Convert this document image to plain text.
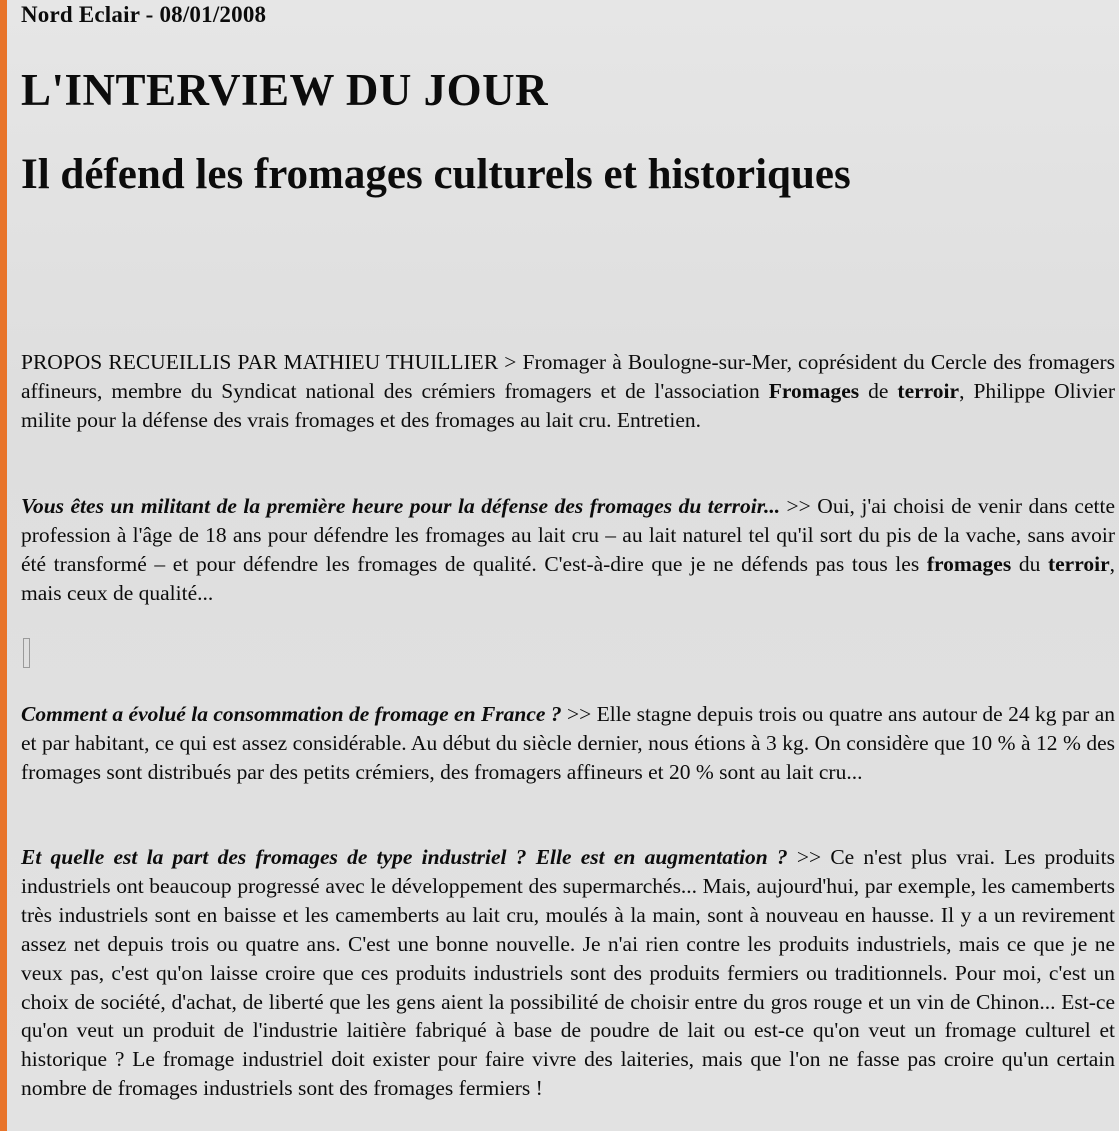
Nord Eclair - 08/01/2008
L'INTERVIEW DU JOUR
Il défend les fromages culturels et historiques

PROPOS RECUEILLIS PAR MATHIEU THUILLIER > Fromager à Boulogne-sur-Mer, coprésident du Cercle des fromagers affineurs, membre du Syndicat national des crémiers fromagers et de l'association Fromages de terroir, Philippe Olivier milite pour la défense des vrais fromages et des fromages au lait cru. Entretien.

Vous êtes un militant de la première heure pour la défense des fromages du terroir... >> Oui, j'ai choisi de venir dans cette profession à l'âge de 18 ans pour défendre les fromages au lait cru – au lait naturel tel qu'il sort du pis de la vache, sans avoir été transformé – et pour défendre les fromages de qualité. C'est-à-dire que je ne défends pas tous les fromages du terroir, mais ceux de qualité...

Comment a évolué la consommation de fromage en France ? >> Elle stagne depuis trois ou quatre ans autour de 24 kg par an et par habitant, ce qui est assez considérable. Au début du siècle dernier, nous étions à 3 kg. On considère que 10 % à 12 % des fromages sont distribués par des petits crémiers, des fromagers affineurs et 20 % sont au lait cru...

Et quelle est la part des fromages de type industriel ? Elle est en augmentation ? >> Ce n'est plus vrai. Les produits industriels ont beaucoup progressé avec le développement des supermarchés... Mais, aujourd'hui, par exemple, les camemberts très industriels sont en baisse et les camemberts au lait cru, moulés à la main, sont à nouveau en hausse. Il y a un revirement assez net depuis trois ou quatre ans. C'est une bonne nouvelle. Je n'ai rien contre les produits industriels, mais ce que je ne veux pas, c'est qu'on laisse croire que ces produits industriels sont des produits fermiers ou traditionnels. Pour moi, c'est un choix de société, d'achat, de liberté que les gens aient la possibilité de choisir entre du gros rouge et un vin de Chinon... Est-ce qu'on veut un produit de l'industrie laitière fabriqué à base de poudre de lait ou est-ce qu'on veut un fromage culturel et historique ? Le fromage industriel doit exister pour faire vivre des laiteries, mais que l'on ne fasse pas croire qu'un certain nombre de fromages industriels sont des fromages fermiers !
